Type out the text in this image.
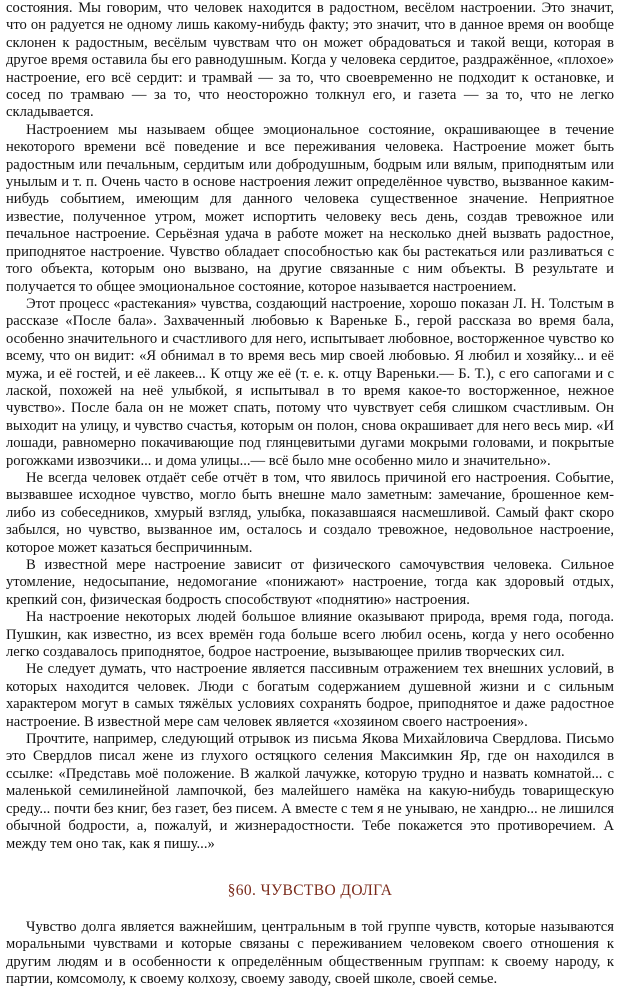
состояния. Мы говорим, что человек находится в радостном, весёлом настроении. Это значит, что он радуется не одному лишь какому-нибудь факту; это значит, что в данное время он вообще склонен к радостным, весёлым чувствам что он может обрадоваться и такой вещи, которая в другое время оставила бы его равнодушным. Когда у человека сердитое, раздражённое, «плохое» настроение, его всё сердит: и трамвай — за то, что своевременно не подходит к остановке, и сосед по трамваю — за то, что неосторожно толкнул его, и газета — за то, что не легко складывается.

Настроением мы называем общее эмоциональное состояние, окрашивающее в течение некоторого времени всё поведение и все переживания человека. Настроение может быть радостным или печальным, сердитым или добродушным, бодрым или вялым, приподнятым или унылым и т. п. Очень часто в основе настроения лежит определённое чувство, вызванное каким-нибудь событием, имеющим для данного человека существенное значение. Неприятное известие, полученное утром, может испортить человеку весь день, создав тревожное или печальное настроение. Серьёзная удача в работе может на несколько дней вызвать радостное, приподнятое настроение. Чувство обладает способностью как бы растекаться или разливаться с того объекта, которым оно вызвано, на другие связанные с ним объекты. В результате и получается то общее эмоциональное состояние, которое называется настроением.

Этот процесс «растекания» чувства, создающий настроение, хорошо показан Л. Н. Толстым в рассказе «После бала». Захваченный любовью к Вареньке Б., герой рассказа во время бала, особенно значительного и счастливого для него, испытывает любовное, восторженное чувство ко всему, что он видит: «Я обнимал в то время весь мир своей любовью. Я любил и хозяйку... и её мужа, и её гостей, и её лакеев... К отцу же её (т. е. к. отцу Вареньки.— Б. Т.), с его сапогами и с лаской, похожей на неё улыбкой, я испытывал в то время какое-то восторженное, нежное чувство». После бала он не может спать, потому что чувствует себя слишком счастливым. Он выходит на улицу, и чувство счастья, которым он полон, снова окрашивает для него весь мир. «И лошади, равномерно покачивающие под глянцевитыми дугами мокрыми головами, и покрытые рогожками извозчики... и дома улицы...— всё было мне особенно мило и значительно».

Не всегда человек отдаёт себе отчёт в том, что явилось причиной его настроения. Событие, вызвавшее исходное чувство, могло быть внешне мало заметным: замечание, брошенное кем-либо из собеседников, хмурый взгляд, улыбка, показавшаяся насмешливой. Самый факт скоро забылся, но чувство, вызванное им, осталось и создало тревожное, недовольное настроение, которое может казаться беспричинным.

В известной мере настроение зависит от физического самочувствия человека. Сильное утомление, недосыпание, недомогание «понижают» настроение, тогда как здоровый отдых, крепкий сон, физическая бодрость способствуют «поднятию» настроения.

На настроение некоторых людей большое влияние оказывают природа, время года, погода. Пушкин, как известно, из всех времён года больше всего любил осень, когда у него особенно легко создавалось приподнятое, бодрое настроение, вызывающее прилив творческих сил.

Не следует думать, что настроение является пассивным отражением тех внешних условий, в которых находится человек. Люди с богатым содержанием душевной жизни и с сильным характером могут в самых тяжёлых условиях сохранять бодрое, приподнятое и даже радостное настроение. В известной мере сам человек является «хозяином своего настроения».

Прочтите, например, следующий отрывок из письма Якова Михайловича Свердлова. Письмо это Свердлов писал жене из глухого остяцкого селения Максимкин Яр, где он находился в ссылке: «Представь моё положение. В жалкой лачужке, которую трудно и назвать комнатой... с маленькой семилинейной лампочкой, без малейшего намёка на какую-нибудь товарищескую среду... почти без книг, без газет, без писем. А вместе с тем я не унываю, не хандрю... не лишился обычной бодрости, а, пожалуй, и жизнерадостности. Тебе покажется это противоречием. А между тем оно так, как я пишу...»

§60. ЧУВСТВО ДОЛГА

Чувство долга является важнейшим, центральным в той группе чувств, которые называются моральными чувствами и которые связаны с переживанием человеком своего отношения к другим людям и в особенности к определённым общественным группам: к своему народу, к партии, комсомолу, к своему колхозу, своему заводу, своей школе, своей семье.
